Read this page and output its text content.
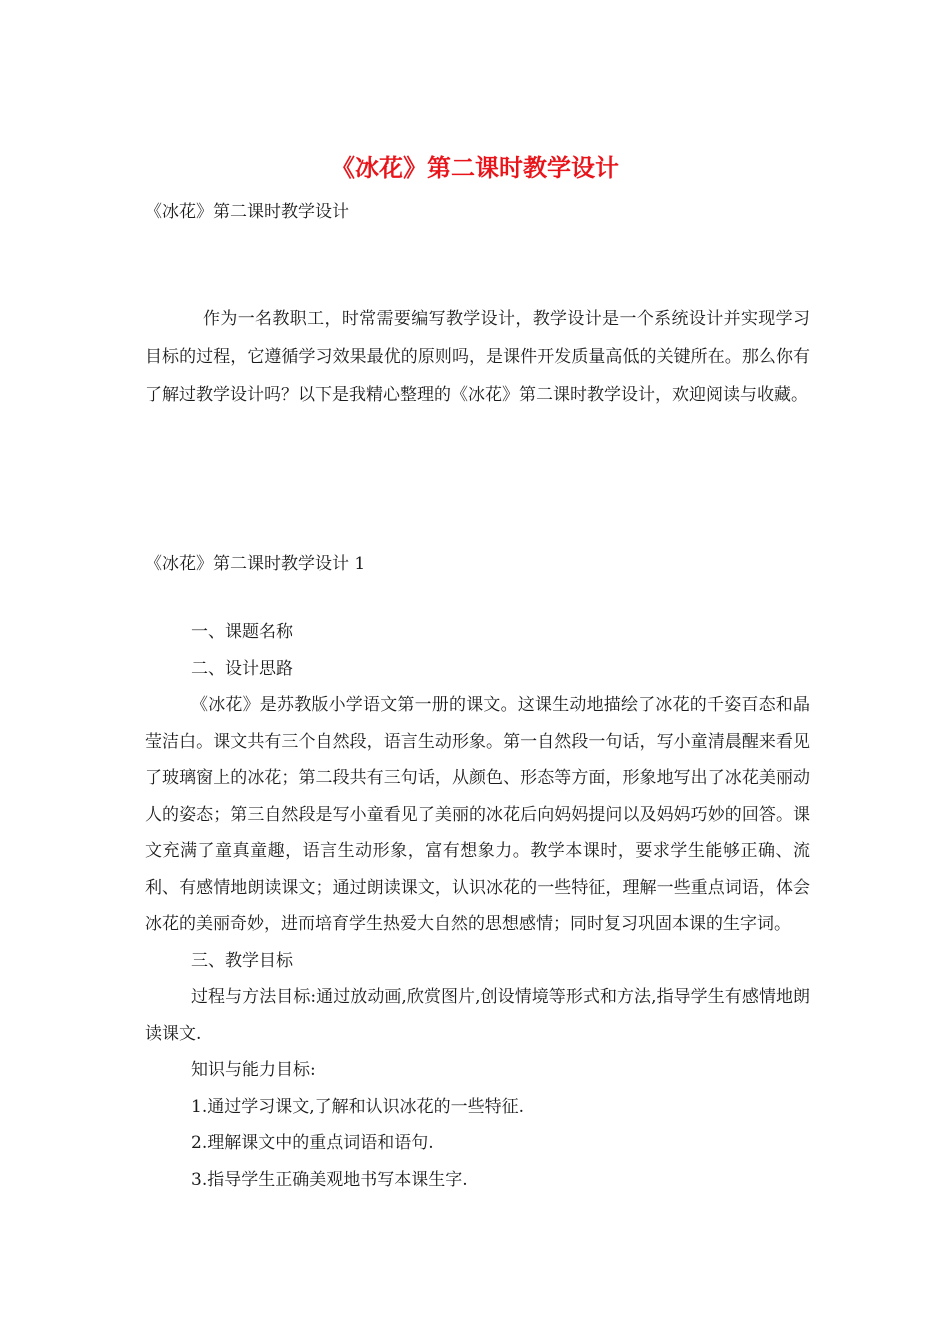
《冰花》第二课时教学设计

《冰花》第二课时教学设计

作为一名教职工，时常需要编写教学设计，教学设计是一个系统设计并实现学习目标的过程，它遵循学习效果最优的原则吗，是课件开发质量高低的关键所在。那么你有了解过教学设计吗？以下是我精心整理的《冰花》第二课时教学设计，欢迎阅读与收藏。

《冰花》第二课时教学设计 1

一、课题名称

二、设计思路

《冰花》是苏教版小学语文第一册的课文。这课生动地描绘了冰花的千姿百态和晶莹洁白。课文共有三个自然段，语言生动形象。第一自然段一句话，写小童清晨醒来看见了玻璃窗上的冰花；第二段共有三句话，从颜色、形态等方面，形象地写出了冰花美丽动人的姿态；第三自然段是写小童看见了美丽的冰花后向妈妈提问以及妈妈巧妙的回答。课文充满了童真童趣，语言生动形象，富有想象力。教学本课时，要求学生能够正确、流利、有感情地朗读课文；通过朗读课文，认识冰花的一些特征，理解一些重点词语，体会冰花的美丽奇妙，进而培育学生热爱大自然的思想感情；同时复习巩固本课的生字词。

三、教学目标

过程与方法目标:通过放动画,欣赏图片,创设情境等形式和方法,指导学生有感情地朗读课文.

知识与能力目标:

1.通过学习课文,了解和认识冰花的一些特征.

2.理解课文中的重点词语和语句.

3.指导学生正确美观地书写本课生字.
